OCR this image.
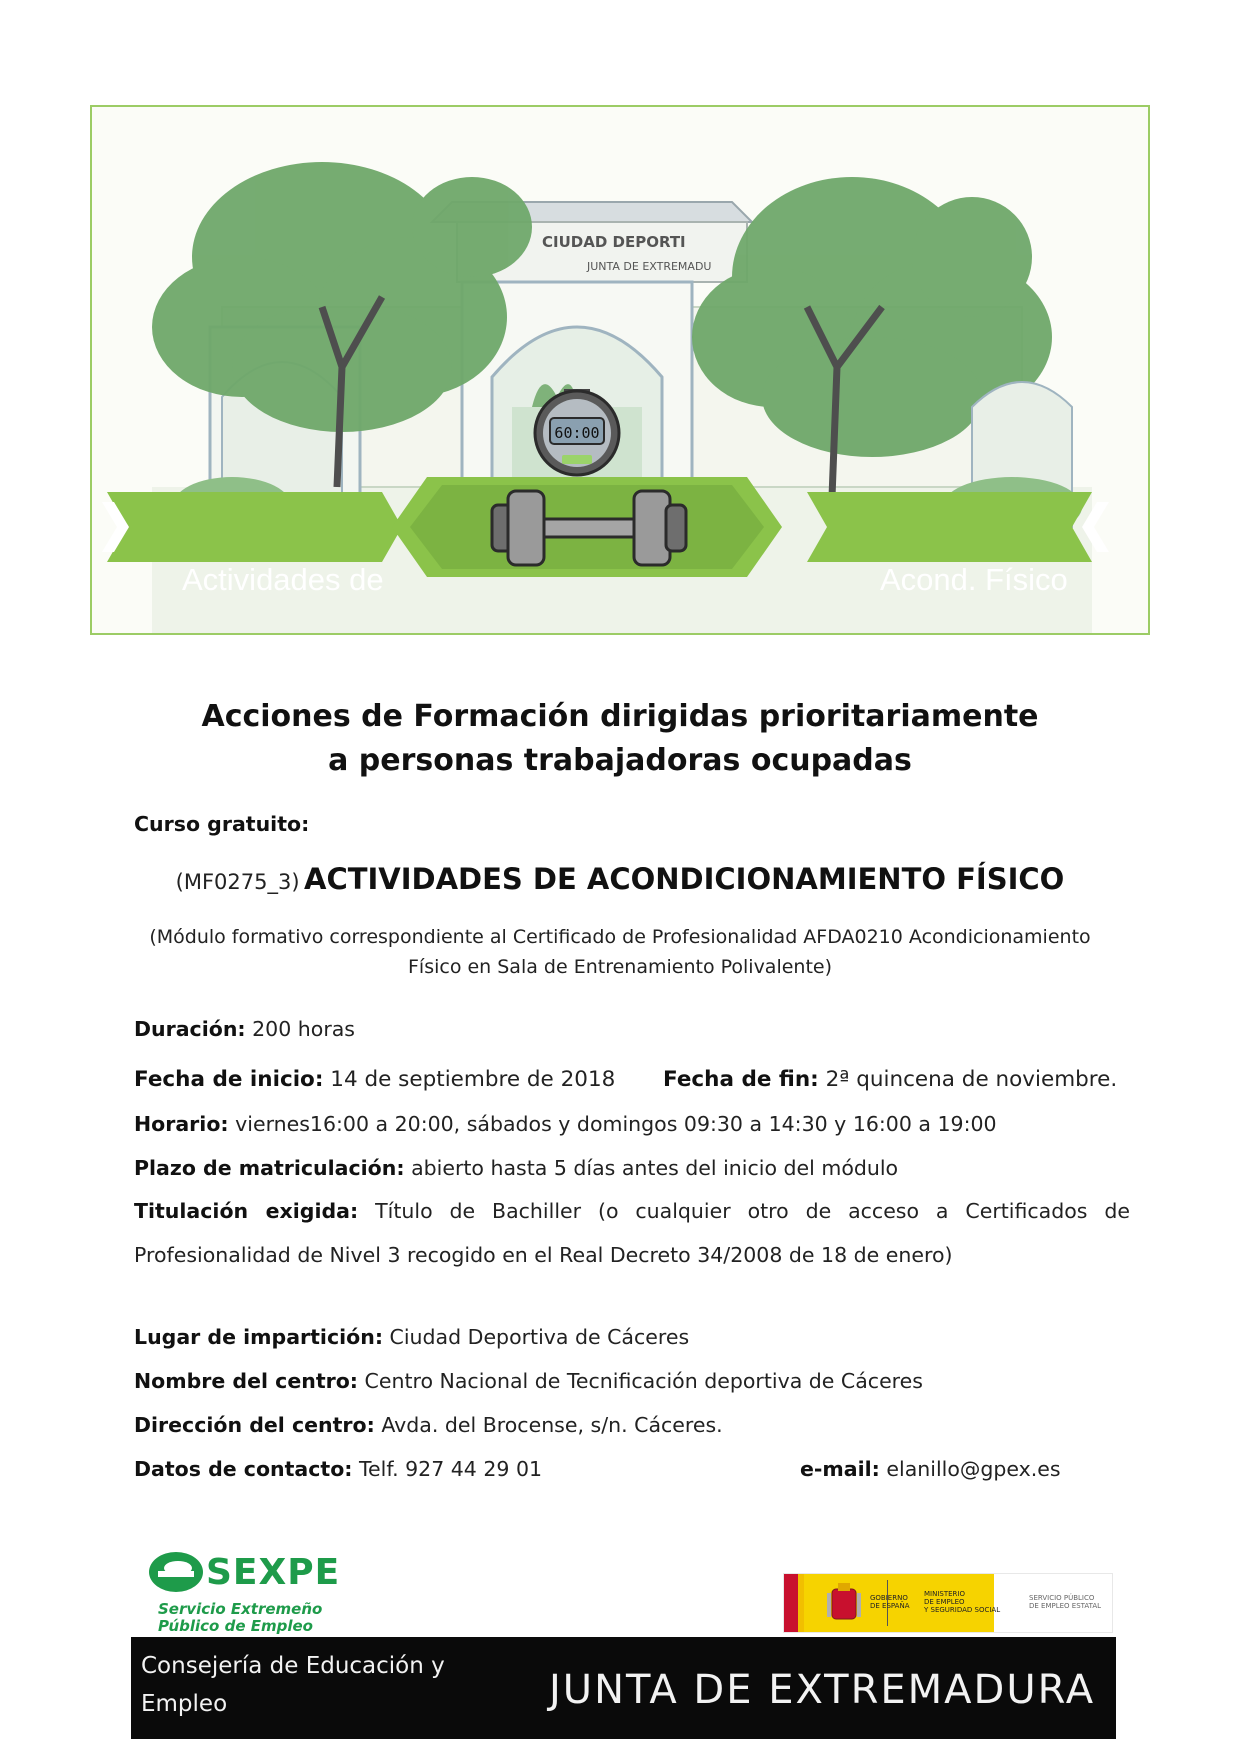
CIUDAD DEPORTI
JUNTA DE EXTREMADU
60:00
Actividades de	Acond. Físico
Acciones de Formación dirigidas prioritariamente
a personas trabajadoras ocupadas
Curso gratuito:
(MF0275_3) ACTIVIDADES DE ACONDICIONAMIENTO FÍSICO
(Módulo formativo correspondiente al Certificado de Profesionalidad AFDA0210 Acondicionamiento
Físico en Sala de Entrenamiento Polivalente)
Duración: 200 horas
Fecha de inicio: 14 de septiembre de 2018 Fecha de fin: 2ª quincena de noviembre.
Horario: viernes16:00 a 20:00, sábados y domingos 09:30 a 14:30 y 16:00 a 19:00
Plazo de matriculación: abierto hasta 5 días antes del inicio del módulo
Titulación exigida: Título de Bachiller (o cualquier otro de acceso a Certificados de Profesionalidad de Nivel 3 recogido en el Real Decreto 34/2008 de 18 de enero)
Lugar de impartición: Ciudad Deportiva de Cáceres
Nombre del centro: Centro Nacional de Tecnificación deportiva de Cáceres
Dirección del centro: Avda. del Brocense, s/n. Cáceres.
Datos de contacto: Telf. 927 44 29 01	e-mail: elanillo@gpex.es
SEXPE
Servicio Extremeño
Público de Empleo
GOBIERNO
DE ESPAÑA
MINISTERIO
DE EMPLEO
Y SEGURIDAD SOCIAL
SERVICIO PÚBLICO
DE EMPLEO ESTATAL
Consejería de Educación y
Empleo	JUNTA DE EXTREMADURA
